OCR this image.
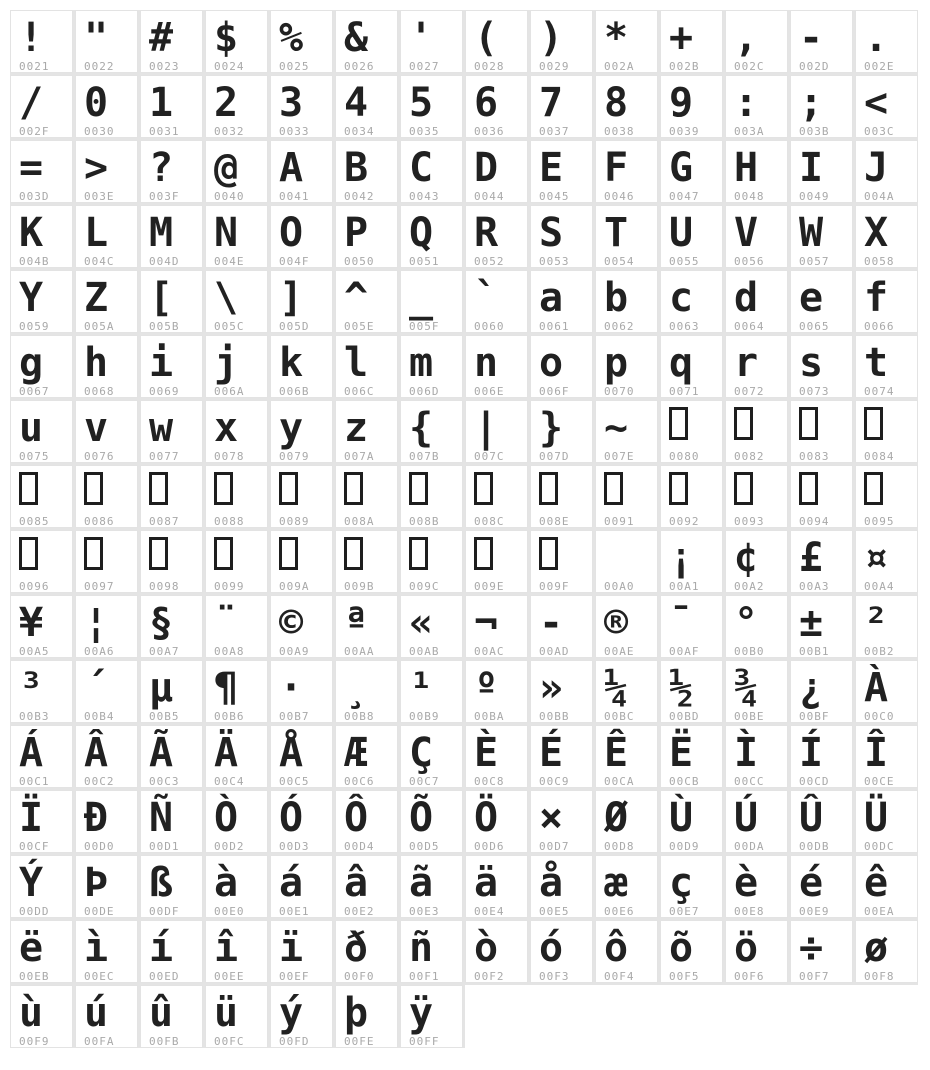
!
0021
"
0022
#
0023
$
0024
%
0025
&
0026
'
0027
(
0028
)
0029
*
002A
+
002B
,
002C
-
002D
.
002E
/
002F
0
0030
1
0031
2
0032
3
0033
4
0034
5
0035
6
0036
7
0037
8
0038
9
0039
:
003A
;
003B
<
003C
=
003D
>
003E
?
003F
@
0040
A
0041
B
0042
C
0043
D
0044
E
0045
F
0046
G
0047
H
0048
I
0049
J
004A
K
004B
L
004C
M
004D
N
004E
O
004F
P
0050
Q
0051
R
0052
S
0053
T
0054
U
0055
V
0056
W
0057
X
0058
Y
0059
Z
005A
[
005B
\
005C
]
005D
^
005E
_
005F
`
0060
a
0061
b
0062
c
0063
d
0064
e
0065
f
0066
g
0067
h
0068
i
0069
j
006A
k
006B
l
006C
m
006D
n
006E
o
006F
p
0070
q
0071
r
0072
s
0073
t
0074
u
0075
v
0076
w
0077
x
0078
y
0079
z
007A
{
007B
|
007C
}
007D
~
007E	0080	0082	0083	0084
0085	0086	0087	0088	0089	008A	008B	008C	008E	0091	0092	0093	0094	0095
0096	0097	0098	0099	009A	009B	009C	009E	009F	00A0
¡
00A1
¢
00A2
£
00A3
¤
00A4
¥
00A5
¦
00A6
§
00A7
¨
00A8
©
00A9
ª
00AA
«
00AB
¬
00AC
-
00AD
®
00AE
¯
00AF
°
00B0
±
00B1
²
00B2
³
00B3
´
00B4
µ
00B5
¶
00B6
·
00B7
¸
00B8
¹
00B9
º
00BA
»
00BB
¼
00BC
½
00BD
¾
00BE
¿
00BF
À
00C0
Á
00C1
Â
00C2
Ã
00C3
Ä
00C4
Å
00C5
Æ
00C6
Ç
00C7
È
00C8
É
00C9
Ê
00CA
Ë
00CB
Ì
00CC
Í
00CD
Î
00CE
Ï
00CF
Ð
00D0
Ñ
00D1
Ò
00D2
Ó
00D3
Ô
00D4
Õ
00D5
Ö
00D6
×
00D7
Ø
00D8
Ù
00D9
Ú
00DA
Û
00DB
Ü
00DC
Ý
00DD
Þ
00DE
ß
00DF
à
00E0
á
00E1
â
00E2
ã
00E3
ä
00E4
å
00E5
æ
00E6
ç
00E7
è
00E8
é
00E9
ê
00EA
ë
00EB
ì
00EC
í
00ED
î
00EE
ï
00EF
ð
00F0
ñ
00F1
ò
00F2
ó
00F3
ô
00F4
õ
00F5
ö
00F6
÷
00F7
ø
00F8
ù
00F9
ú
00FA
û
00FB
ü
00FC
ý
00FD
þ
00FE
ÿ
00FF
